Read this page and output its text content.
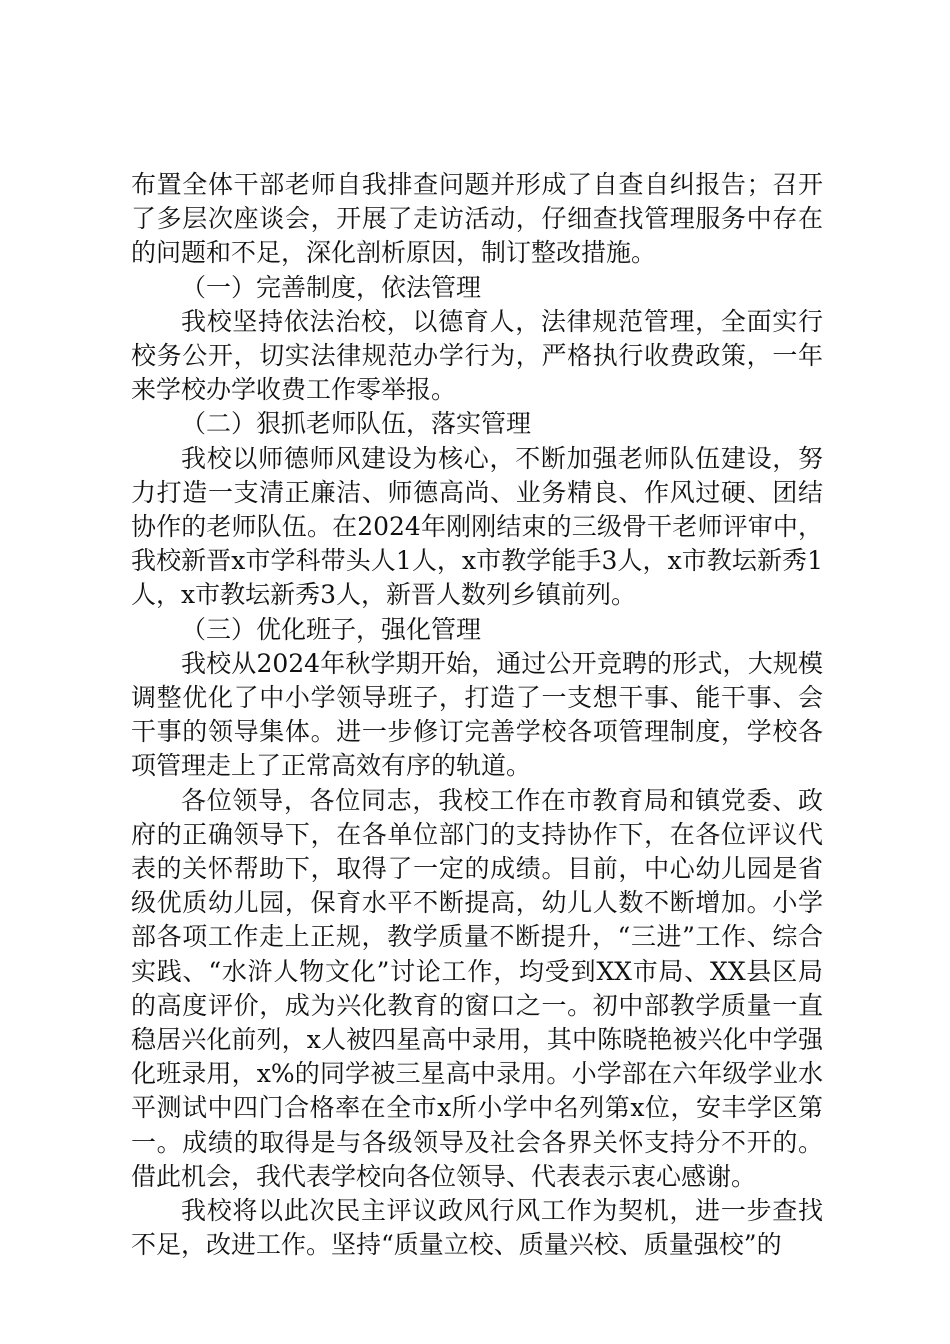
布置全体干部老师自我排查问题并形成了自查自纠报告；召开了多层次座谈会，开展了走访活动，仔细查找管理服务中存在的问题和不足，深化剖析原因，制订整改措施。

（一）完善制度，依法管理

我校坚持依法治校，以德育人，法律规范管理，全面实行校务公开，切实法律规范办学行为，严格执行收费政策，一年来学校办学收费工作零举报。

（二）狠抓老师队伍，落实管理

我校以师德师风建设为核心，不断加强老师队伍建设，努力打造一支清正廉洁、师德高尚、业务精良、作风过硬、团结协作的老师队伍。在2024年刚刚结束的三级骨干老师评审中，我校新晋x市学科带头人1人，x市教学能手3人，x市教坛新秀1人，x市教坛新秀3人，新晋人数列乡镇前列。

（三）优化班子，强化管理

我校从2024年秋学期开始，通过公开竞聘的形式，大规模调整优化了中小学领导班子，打造了一支想干事、能干事、会干事的领导集体。进一步修订完善学校各项管理制度，学校各项管理走上了正常高效有序的轨道。

各位领导，各位同志，我校工作在市教育局和镇党委、政府的正确领导下，在各单位部门的支持协作下，在各位评议代表的关怀帮助下，取得了一定的成绩。目前，中心幼儿园是省级优质幼儿园，保育水平不断提高，幼儿人数不断增加。小学部各项工作走上正规，教学质量不断提升，“三进”工作、综合实践、“水浒人物文化”讨论工作，均受到XX市局、XX县区局的高度评价，成为兴化教育的窗口之一。初中部教学质量一直稳居兴化前列，x人被四星高中录用，其中陈晓艳被兴化中学强化班录用，x%的同学被三星高中录用。小学部在六年级学业水平测试中四门合格率在全市x所小学中名列第x位，安丰学区第一。成绩的取得是与各级领导及社会各界关怀支持分不开的。借此机会，我代表学校向各位领导、代表表示衷心感谢。

我校将以此次民主评议政风行风工作为契机，进一步查找不足，改进工作。坚持“质量立校、质量兴校、质量强校”的
